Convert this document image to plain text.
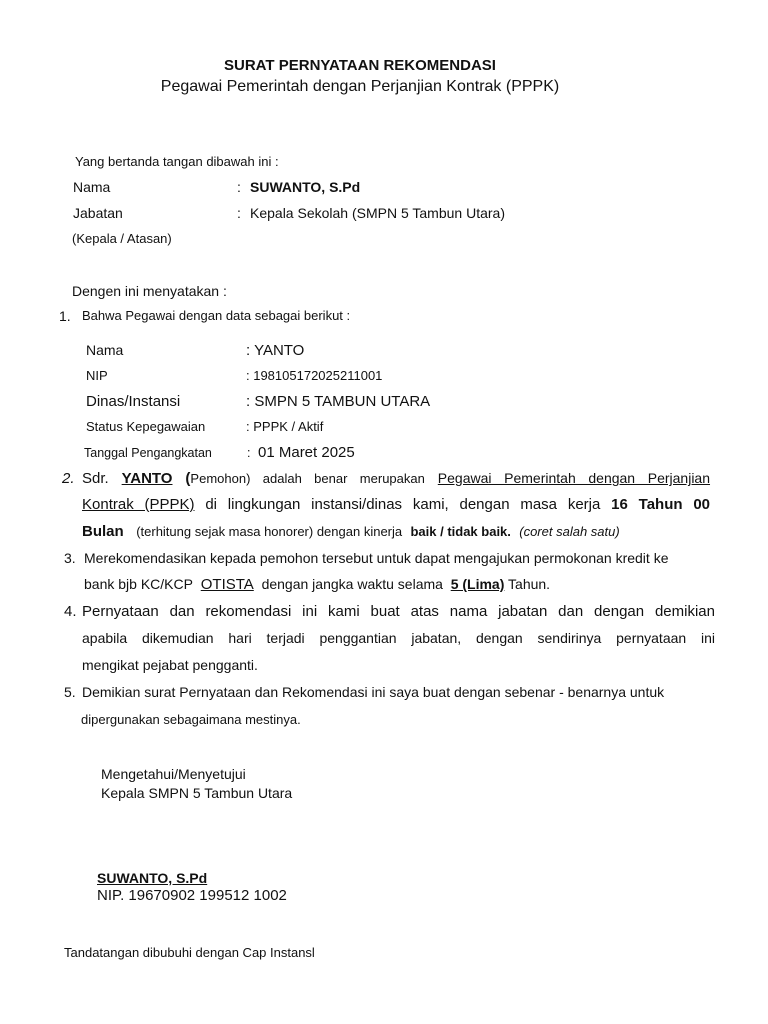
SURAT PERNYATAAN REKOMENDASI
Pegawai Pemerintah dengan Perjanjian Kontrak (PPPK)
Yang bertanda tangan dibawah ini :
Nama	: SUWANTO, S.Pd
Jabatan	: Kepala Sekolah (SMPN 5 Tambun Utara)
(Kepala / Atasan)
Dengen ini menyatakan :
1. Bahwa Pegawai dengan data sebagai berikut :
Nama	: YANTO
NIP	: 198105172025211001
Dinas/Instansi	: SMPN 5 TAMBUN UTARA
Status Kepegawaian	: PPPK / Aktif
Tanggal Pengangkatan	: 01 Maret 2025
2. Sdr. YANTO (Pemohon) adalah benar merupakan Pegawai Pemerintah dengan Perjanjian
Kontrak (PPPK) di lingkungan instansi/dinas kami, dengan masa kerja 16 Tahun 00
Bulan (terhitung sejak masa honorer) dengan kinerja baik / tidak baik. (coret salah satu)
3. Merekomendasikan kepada pemohon tersebut untuk dapat mengajukan permokonan kredit ke
bank bjb KC/KCP OTISTA dengan jangka waktu selama 5 (Lima) Tahun.
4. Pernyataan dan rekomendasi ini kami buat atas nama jabatan dan dengan demikian
apabila dikemudian hari terjadi penggantian jabatan, dengan sendirinya pernyataan ini
mengikat pejabat pengganti.
5. Demikian surat Pernyataan dan Rekomendasi ini saya buat dengan sebenar - benarnya untuk
dipergunakan sebagaimana mestinya.
Mengetahui/Menyetujui
Kepala SMPN 5 Tambun Utara
SUWANTO, S.Pd
NIP. 19670902 199512 1002
Tandatangan dibubuhi dengan Cap Instansl
